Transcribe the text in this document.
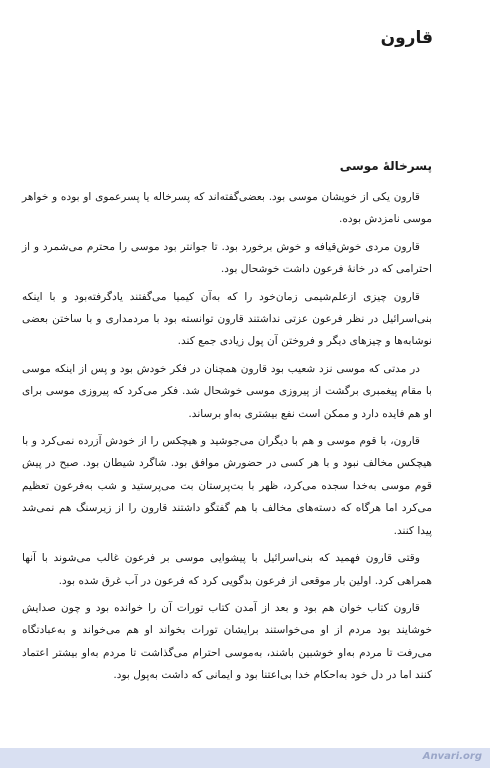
قارون
پسرخالۀ موسی

قارون یکی از خویشان موسی بود. بعضی‌گفته‌اند که پسرخاله یا پسرعموی او بوده و خواهر موسی نامزدش بوده.

قارون مردی خوش‌قیافه و خوش برخورد بود. تا جوانتر بود موسی را محترم می‌شمرد و از احترامی که در خانۀ فرعون داشت خوشحال بود.

قارون چیزی ازعلم‌شیمی زمان‌خود را که به‌آن کیمیا می‌گفتند یادگرفته‌بود و با اینکه بنی‌اسرائیل در نظر فرعون عزتی نداشتند قارون توانسته بود با مردمداری و با ساختن بعضی نوشابه‌ها و چیزهای دیگر و فروختن آن پول زیادی جمع کند.

در مدتی که موسی نزد شعیب بود قارون همچنان در فکر خودش بود و پس از اینکه موسی با مقام پیغمبری برگشت از پیروزی موسی خوشحال شد. فکر می‌کرد که پیروزی موسی برای او هم فایده دارد و ممکن است نفع بیشتری به‌او برساند.

قارون، با قوم موسی و هم با دیگران می‌جوشید و هیچکس را از خودش آزرده نمی‌کرد و با هیچکس مخالف نبود و با هر کسی در حضورش موافق بود. شاگرد شیطان بود. صبح در پیش قوم موسی به‌خدا سجده می‌کرد، ظهر با بت‌پرستان بت می‌پرستید و شب به‌فرعون تعظیم می‌کرد اما هرگاه که دسته‌های مخالف با هم گفتگو داشتند قارون را از زیرسنگ هم نمی‌شد پیدا کنند.

وقتی قارون فهمید که بنی‌اسرائیل با پیشوایی موسی بر فرعون غالب می‌شوند با آنها همراهی کرد. اولین بار موقعی از فرعون بدگویی کرد که فرعون در آب غرق شده بود.

قارون کتاب خوان هم بود و بعد از آمدن کتاب تورات آن را خوانده بود و چون صدایش خوشایند بود مردم از او می‌خواستند برایشان تورات بخواند او هم می‌خواند و به‌عبادتگاه می‌رفت تا مردم به‌او خوشبین باشند، به‌موسی احترام می‌گذاشت تا مردم به‌او بیشتر اعتماد کنند اما در دل خود به‌احکام خدا بی‌اعتنا بود و ایمانی که داشت به‌پول بود.

Anvari.org
